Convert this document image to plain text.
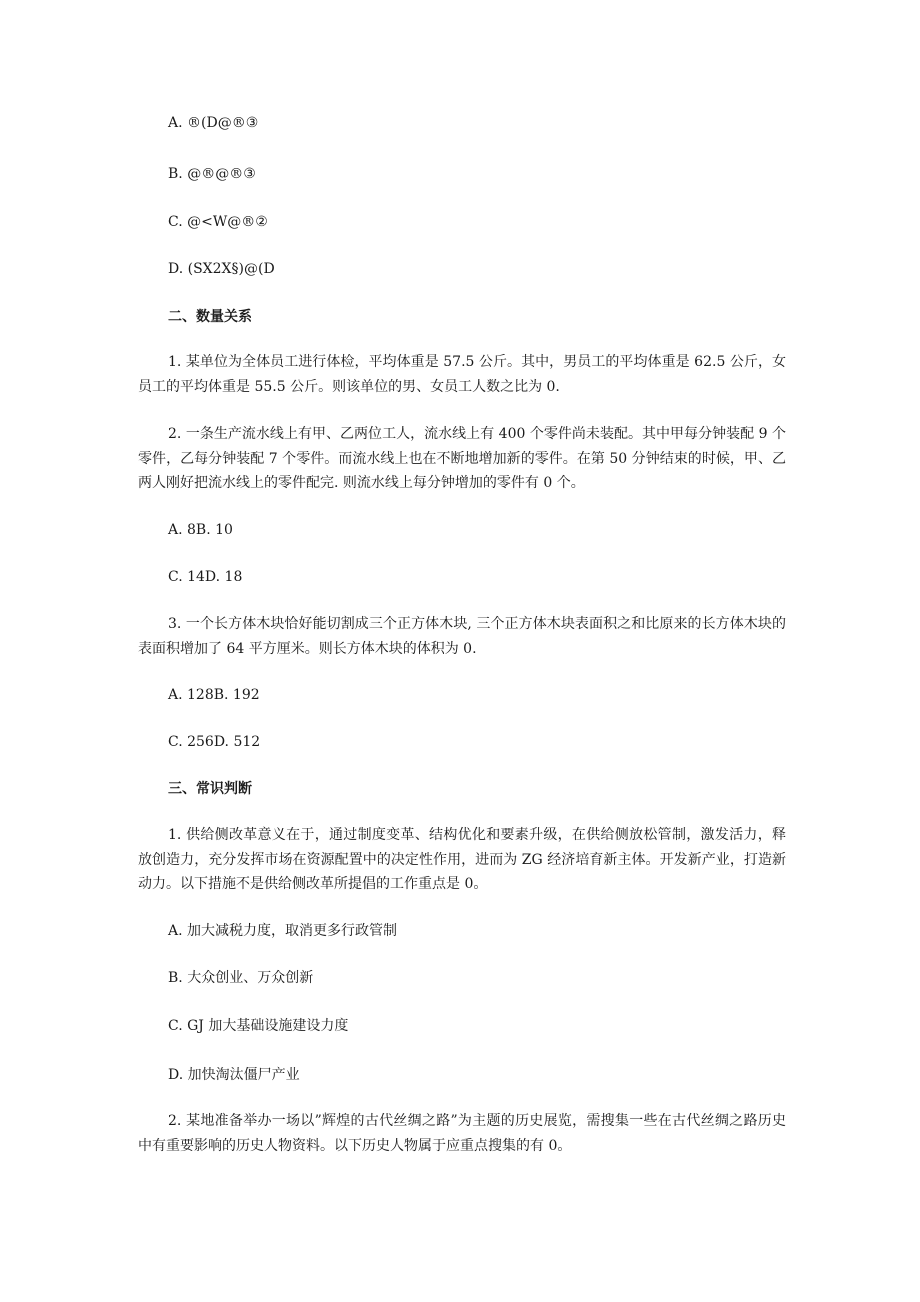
A. ®(D@®③

B. @®@®③

C. @<W@®②

D. (SX2X§)@(D

二、数量关系

1. 某单位为全体员工进行体检，平均体重是 57.5 公斤。其中，男员工的平均体重是 62.5 公斤，女员工的平均体重是 55.5 公斤。则该单位的男、女员工人数之比为 0.

2. 一条生产流水线上有甲、乙两位工人，流水线上有 400 个零件尚未装配。其中甲每分钟装配 9 个零件，乙每分钟装配 7 个零件。而流水线上也在不断地增加新的零件。在第 50 分钟结束的时候，甲、乙两人刚好把流水线上的零件配完. 则流水线上每分钟增加的零件有 0 个。

A. 8B. 10

C. 14D. 18

3. 一个长方体木块恰好能切割成三个正方体木块, 三个正方体木块表面积之和比原来的长方体木块的表面积增加了 64 平方厘米。则长方体木块的体积为 0.

A. 128B. 192

C. 256D. 512

三、常识判断

1. 供给侧改革意义在于，通过制度变革、结构优化和要素升级，在供给侧放松管制，激发活力，释放创造力，充分发挥市场在资源配置中的决定性作用，进而为 ZG 经济培育新主体。开发新产业，打造新动力。以下措施不是供给侧改革所提倡的工作重点是 0。

A. 加大减税力度，取消更多行政管制

B. 大众创业、万众创新

C. GJ 加大基础设施建设力度

D. 加快淘汰僵尸产业

2. 某地准备举办一场以”辉煌的古代丝绸之路”为主题的历史展览，需搜集一些在古代丝绸之路历史中有重要影响的历史人物资料。以下历史人物属于应重点搜集的有 0。
